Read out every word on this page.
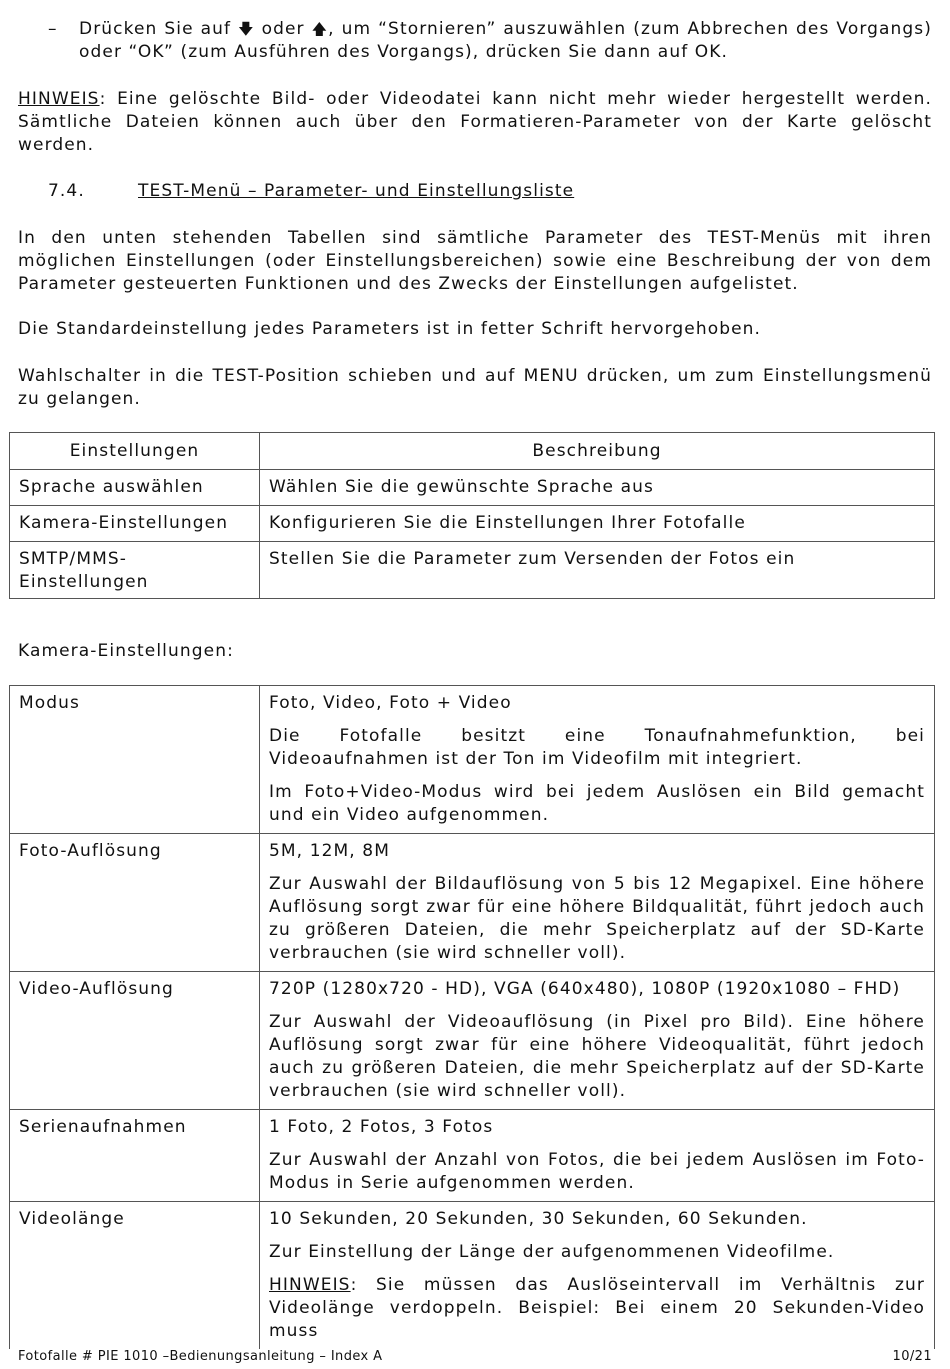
– Drücken Sie auf 🡇 oder 🡅, um “Stornieren” auszuwählen (zum Abbrechen des Vorgangs) oder “OK” (zum Ausführen des Vorgangs), drücken Sie dann auf OK.

HINWEIS: Eine gelöschte Bild- oder Videodatei kann nicht mehr wieder hergestellt werden. Sämtliche Dateien können auch über den Formatieren-Parameter von der Karte gelöscht werden.

7.4.	TEST-Menü – Parameter- und Einstellungsliste

In den unten stehenden Tabellen sind sämtliche Parameter des TEST-Menüs mit ihren möglichen Einstellungen (oder Einstellungsbereichen) sowie eine Beschreibung der von dem Parameter gesteuerten Funktionen und des Zwecks der Einstellungen aufgelistet.

Die Standardeinstellung jedes Parameters ist in fetter Schrift hervorgehoben.

Wahlschalter in die TEST-Position schieben und auf MENU drücken, um zum Einstellungsmenü zu gelangen.

Einstellungen	Beschreibung
Sprache auswählen	Wählen Sie die gewünschte Sprache aus
Kamera-Einstellungen	Konfigurieren Sie die Einstellungen Ihrer Fotofalle
SMTP/MMS-Einstellungen	Stellen Sie die Parameter zum Versenden der Fotos ein
Kamera-Einstellungen:
Modus	Foto, Video, Foto + Video

Die Fotofalle besitzt eine Tonaufnahmefunktion, bei Videoaufnahmen ist der Ton im Videofilm mit integriert.

Im Foto+Video-Modus wird bei jedem Auslösen ein Bild gemacht und ein Video aufgenommen.

Foto-Auflösung	5M, 12M, 8M

Zur Auswahl der Bildauflösung von 5 bis 12 Megapixel. Eine höhere Auflösung sorgt zwar für eine höhere Bildqualität, führt jedoch auch zu größeren Dateien, die mehr Speicherplatz auf der SD-Karte verbrauchen (sie wird schneller voll).

Video-Auflösung	720P (1280x720 - HD), VGA (640x480), 1080P (1920x1080 – FHD)

Zur Auswahl der Videoauflösung (in Pixel pro Bild). Eine höhere Auflösung sorgt zwar für eine höhere Videoqualität, führt jedoch auch zu größeren Dateien, die mehr Speicherplatz auf der SD-Karte verbrauchen (sie wird schneller voll).

Serienaufnahmen	1 Foto, 2 Fotos, 3 Fotos

Zur Auswahl der Anzahl von Fotos, die bei jedem Auslösen im Foto-Modus in Serie aufgenommen werden.

Videolänge	10 Sekunden, 20 Sekunden, 30 Sekunden, 60 Sekunden.

Zur Einstellung der Länge der aufgenommenen Videofilme.

HINWEIS: Sie müssen das Auslöseintervall im Verhältnis zur Videolänge verdoppeln. Beispiel: Bei einem 20 Sekunden-Video muss

Fotofalle # PIE 1010 –Bedienungsanleitung – Index A	10/21
